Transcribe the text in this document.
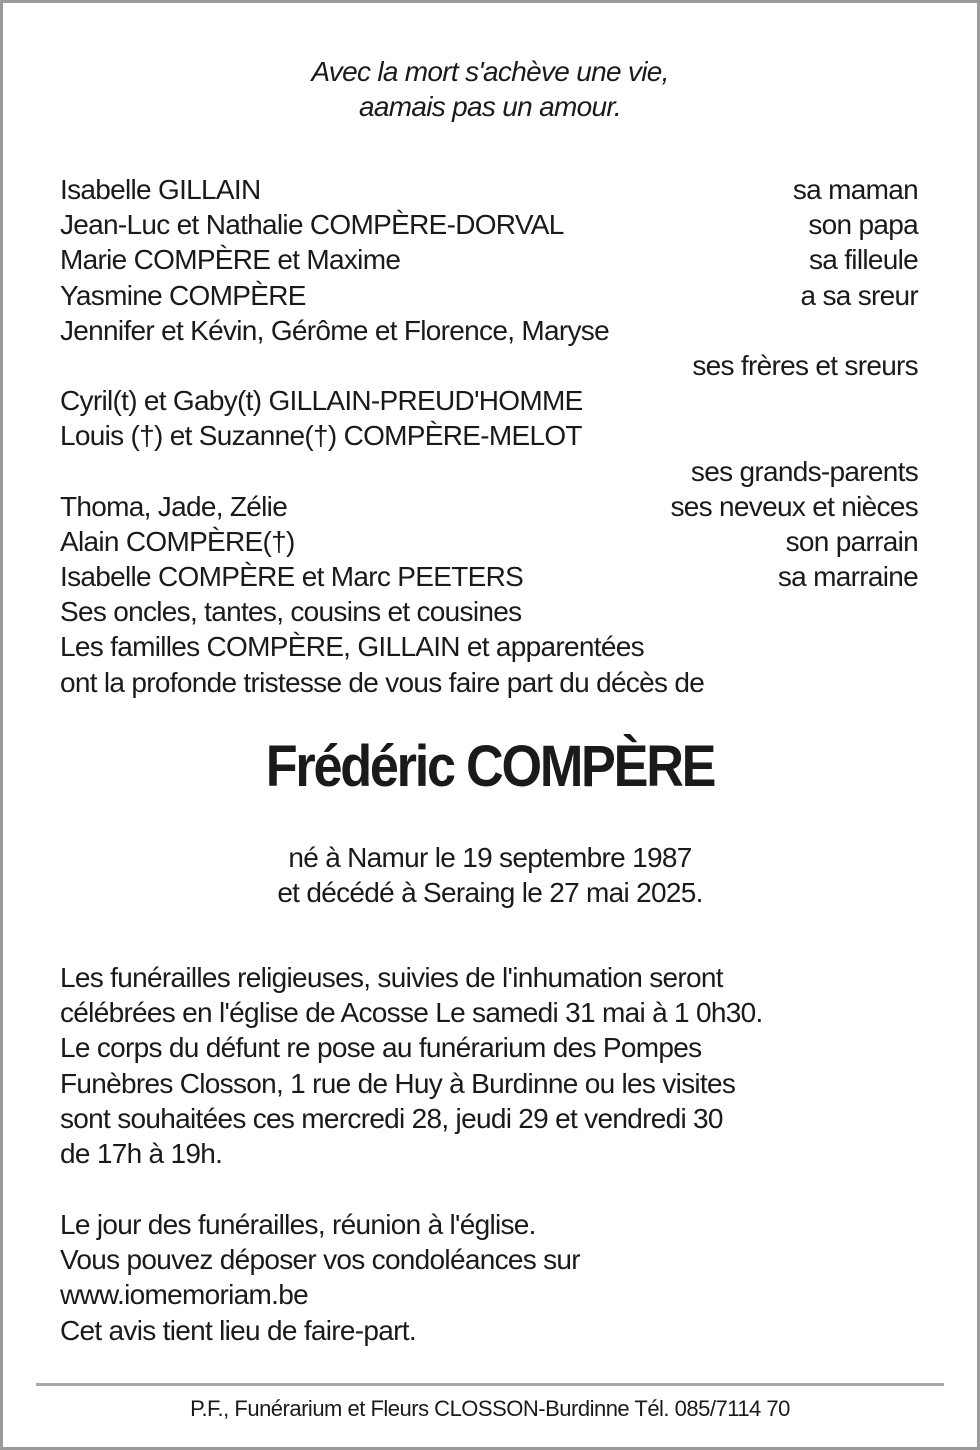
Avec la mort s'achève une vie,
aamais pas un amour.
Isabelle GILLAIN	sa maman
Jean-Luc et Nathalie COMPÈRE-DORVAL	son papa
Marie COMPÈRE et Maxime	sa filleule
Yasmine COMPÈRE	a sa sreur
Jennifer et Kévin, Gérôme et Florence, Maryse
ses frères et sreurs
Cyril(t) et Gaby(t) GILLAIN-PREUD'HOMME
Louis (†) et Suzanne(†) COMPÈRE-MELOT
ses grands-parents
Thoma, Jade, Zélie	ses neveux et nièces
Alain COMPÈRE(†)	son parrain
Isabelle COMPÈRE et Marc PEETERS	sa marraine
Ses oncles, tantes, cousins et cousines
Les familles COMPÈRE, GILLAIN et apparentées
ont la profonde tristesse de vous faire part du décès de
Frédéric COMPÈRE
né à Namur le 19 septembre 1987
et décédé à Seraing le 27 mai 2025.
Les funérailles religieuses, suivies de l'inhumation seront
célébrées en l'église de Acosse Le samedi 31 mai à 1 0h30.
Le corps du défunt re pose au funérarium des Pompes
Funèbres Closson, 1 rue de Huy à Burdinne ou les visites
sont souhaitées ces mercredi 28, jeudi 29 et vendredi 30
de 17h à 19h.
Le jour des funérailles, réunion à l'église.
Vous pouvez déposer vos condoléances sur
www.iomemoriam.be
Cet avis tient lieu de faire-part.
P.F., Funérarium et Fleurs CLOSSON-Burdinne Tél. 085/7114 70
